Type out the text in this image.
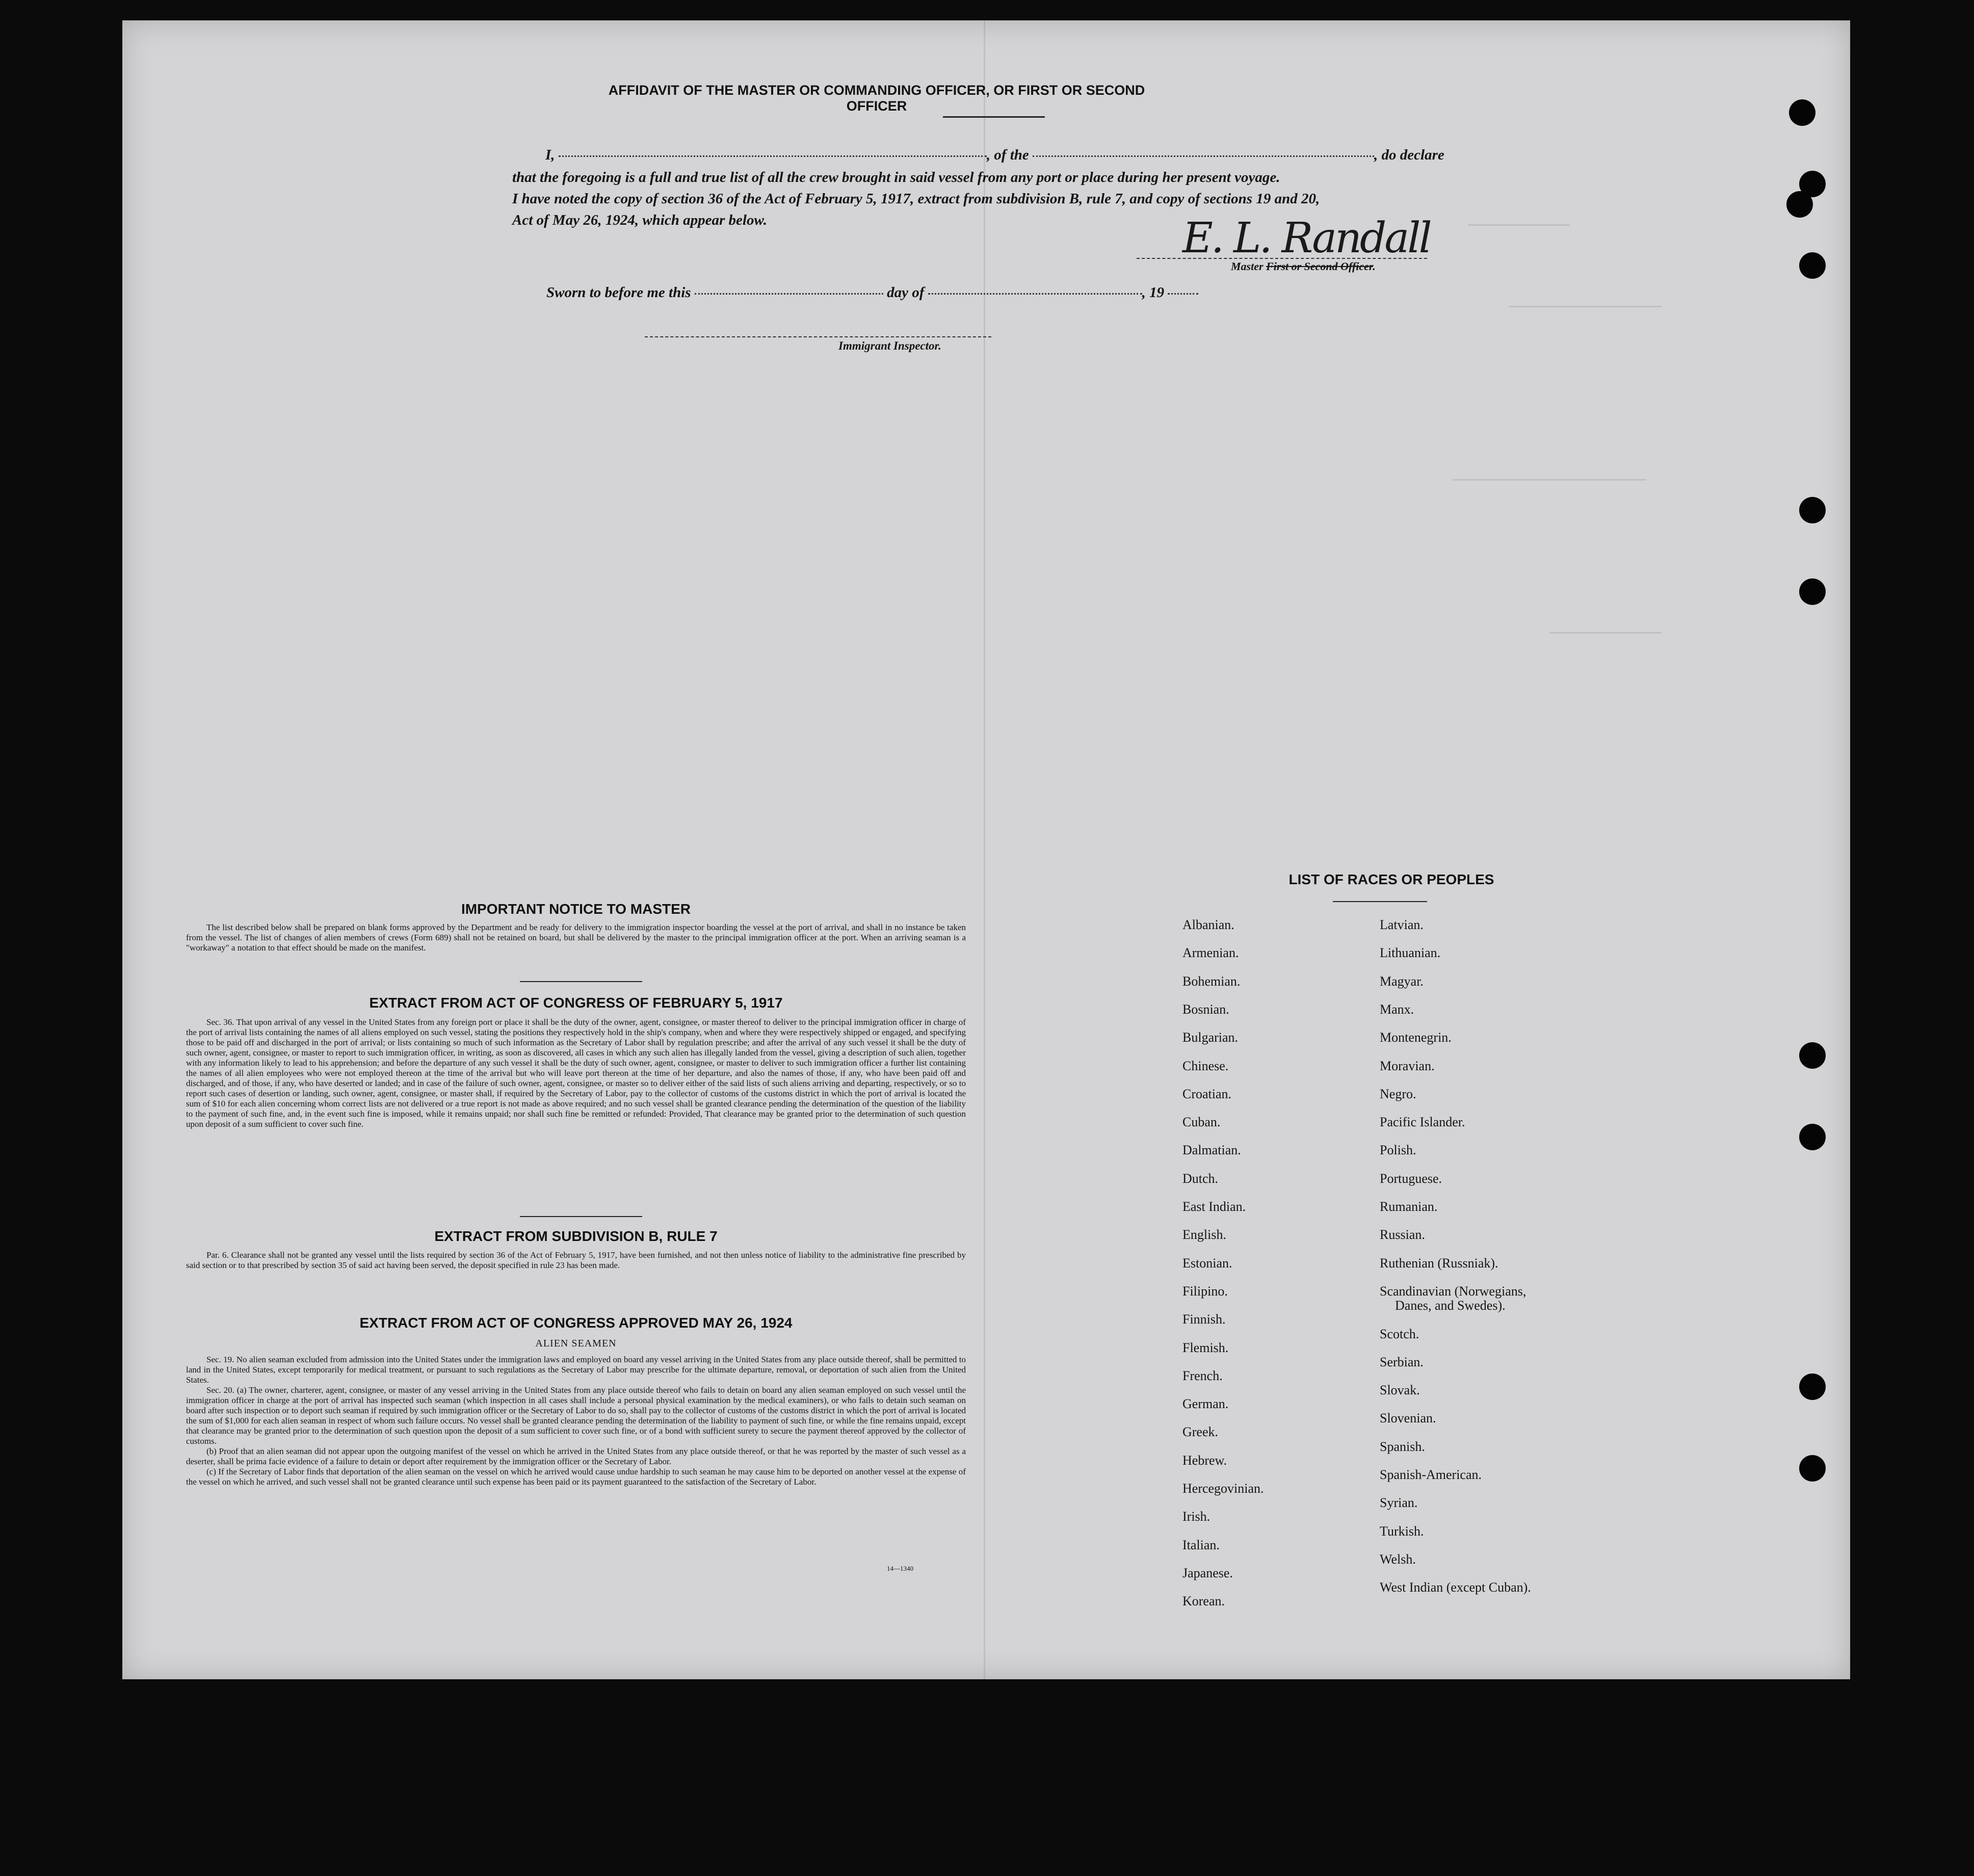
AFFIDAVIT OF THE MASTER OR COMMANDING OFFICER, OR FIRST OR SECOND OFFICER
I,	, of the	, do declare
that the foregoing is a full and true list of all the crew brought in said vessel from any port or place during her present voyage.
I have noted the copy of section 36 of the Act of February 5, 1917, extract from subdivision B, rule 7, and copy of sections 19 and 20,
Act of May 26, 1924, which appear below.	E. L. Randall
Master First or Second Officer.
Sworn to before me this	day of	, 19
Immigrant Inspector.
IMPORTANT NOTICE TO MASTER

The list described below shall be prepared on blank forms approved by the Department and be ready for delivery to the immigration inspector boarding the vessel at the port of arrival, and shall in no instance be taken from the vessel. The list of changes of alien members of crews (Form 689) shall not be retained on board, but shall be delivered by the master to the principal immigration officer at the port. When an arriving seaman is a "workaway" a notation to that effect should be made on the manifest.

EXTRACT FROM ACT OF CONGRESS OF FEBRUARY 5, 1917

Sec. 36. That upon arrival of any vessel in the United States from any foreign port or place it shall be the duty of the owner, agent, consignee, or master thereof to deliver to the principal immigration officer in charge of the port of arrival lists containing the names of all aliens employed on such vessel, stating the positions they respectively hold in the ship's company, when and where they were respectively shipped or engaged, and specifying those to be paid off and discharged in the port of arrival; or lists containing so much of such information as the Secretary of Labor shall by regulation prescribe; and after the arrival of any such vessel it shall be the duty of such owner, agent, consignee, or master to report to such immigration officer, in writing, as soon as discovered, all cases in which any such alien has illegally landed from the vessel, giving a description of such alien, together with any information likely to lead to his apprehension; and before the departure of any such vessel it shall be the duty of such owner, agent, consignee, or master to deliver to such immigration officer a further list containing the names of all alien employees who were not employed thereon at the time of the arrival but who will leave port thereon at the time of her departure, and also the names of those, if any, who have been paid off and discharged, and of those, if any, who have deserted or landed; and in case of the failure of such owner, agent, consignee, or master so to deliver either of the said lists of such aliens arriving and departing, respectively, or so to report such cases of desertion or landing, such owner, agent, consignee, or master shall, if required by the Secretary of Labor, pay to the collector of customs of the customs district in which the port of arrival is located the sum of $10 for each alien concerning whom correct lists are not delivered or a true report is not made as above required; and no such vessel shall be granted clearance pending the determination of the question of the liability to the payment of such fine, and, in the event such fine is imposed, while it remains unpaid; nor shall such fine be remitted or refunded: Provided, That clearance may be granted prior to the determination of such question upon deposit of a sum sufficient to cover such fine.

EXTRACT FROM SUBDIVISION B, RULE 7

Par. 6. Clearance shall not be granted any vessel until the lists required by section 36 of the Act of February 5, 1917, have been furnished, and not then unless notice of liability to the administrative fine prescribed by said section or to that prescribed by section 35 of said act having been served, the deposit specified in rule 23 has been made.

EXTRACT FROM ACT OF CONGRESS APPROVED MAY 26, 1924
ALIEN SEAMEN

Sec. 19. No alien seaman excluded from admission into the United States under the immigration laws and employed on board any vessel arriving in the United States from any place outside thereof, shall be permitted to land in the United States, except temporarily for medical treatment, or pursuant to such regulations as the Secretary of Labor may prescribe for the ultimate departure, removal, or deportation of such alien from the United States.

Sec. 20. (a) The owner, charterer, agent, consignee, or master of any vessel arriving in the United States from any place outside thereof who fails to detain on board any alien seaman employed on such vessel until the immigration officer in charge at the port of arrival has inspected such seaman (which inspection in all cases shall include a personal physical examination by the medical examiners), or who fails to detain such seaman on board after such inspection or to deport such seaman if required by such immigration officer or the Secretary of Labor to do so, shall pay to the collector of customs of the customs district in which the port of arrival is located the sum of $1,000 for each alien seaman in respect of whom such failure occurs. No vessel shall be granted clearance pending the determination of the liability to payment of such fine, or while the fine remains unpaid, except that clearance may be granted prior to the determination of such question upon the deposit of a sum sufficient to cover such fine, or of a bond with sufficient surety to secure the payment thereof approved by the collector of customs.

(b) Proof that an alien seaman did not appear upon the outgoing manifest of the vessel on which he arrived in the United States from any place outside thereof, or that he was reported by the master of such vessel as a deserter, shall be prima facie evidence of a failure to detain or deport after requirement by the immigration officer or the Secretary of Labor.

(c) If the Secretary of Labor finds that deportation of the alien seaman on the vessel on which he arrived would cause undue hardship to such seaman he may cause him to be deported on another vessel at the expense of the vessel on which he arrived, and such vessel shall not be granted clearance until such expense has been paid or its payment guaranteed to the satisfaction of the Secretary of Labor.

14—1340
LIST OF RACES OR PEOPLES
Albanian.
Armenian.
Bohemian.
Bosnian.
Bulgarian.
Chinese.
Croatian.
Cuban.
Dalmatian.
Dutch.
East Indian.
English.
Estonian.
Filipino.
Finnish.
Flemish.
French.
German.
Greek.
Hebrew.
Hercegovinian.
Irish.
Italian.
Japanese.
Korean.
Latvian.
Lithuanian.
Magyar.
Manx.
Montenegrin.
Moravian.
Negro.
Pacific Islander.
Polish.
Portuguese.
Rumanian.
Russian.
Ruthenian (Russniak).
Scandinavian (Norwegians,
Danes, and Swedes).
Scotch.
Serbian.
Slovak.
Slovenian.
Spanish.
Spanish-American.
Syrian.
Turkish.
Welsh.
West Indian (except Cuban).
